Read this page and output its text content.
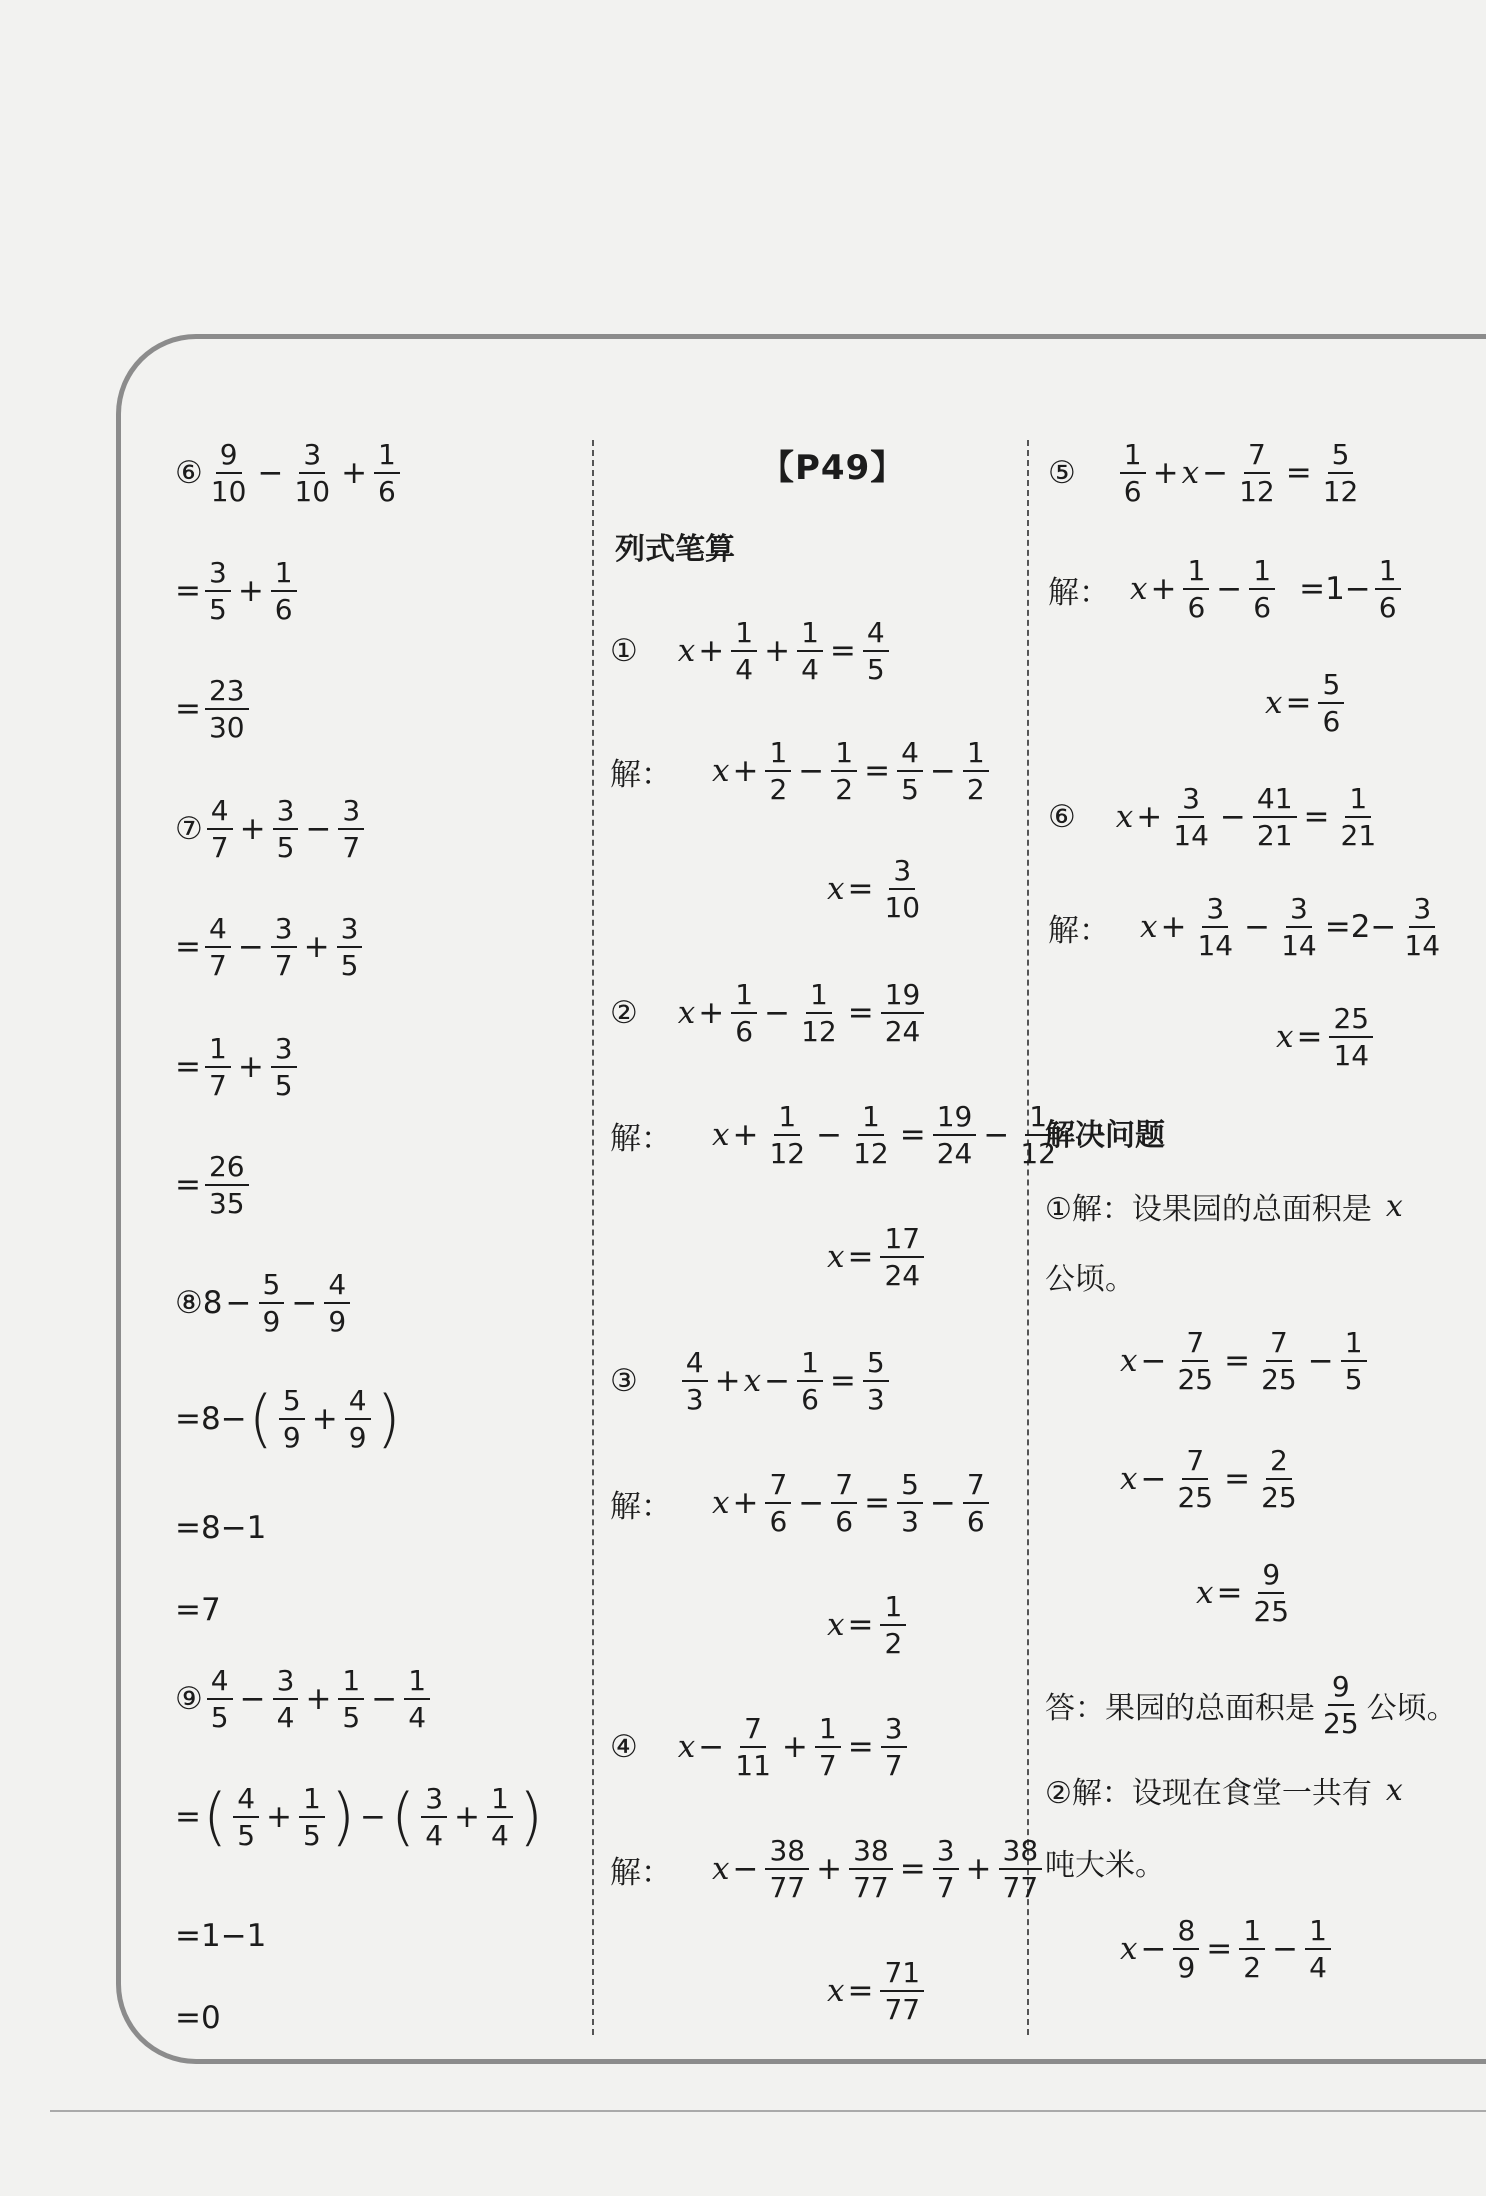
⑥ $\frac{9}{10} - \frac{3}{10} + \frac{1}{6}$
= $\frac{3}{5} + \frac{1}{6}$
= $\frac{23}{30}$
⑦ $\frac{4}{7} + \frac{3}{5} - \frac{3}{7}$
= $\frac{4}{7} - \frac{3}{7} + \frac{3}{5}$
= $\frac{1}{7} + \frac{3}{5}$
= $\frac{26}{35}$
⑧8 − $\frac{5}{9} - \frac{4}{9}$
=8− ( $\frac{5}{9} + \frac{4}{9}$ )
=8−1
=7
⑨ $\frac{4}{5} - \frac{3}{4} + \frac{1}{5} - \frac{1}{4}$
= ( $\frac{4}{5} + \frac{1}{5}$ ) − ( $\frac{3}{4} + \frac{1}{4}$ )
=1−1
=0
【P49】
列式笔算
① $x + \frac{1}{4} + \frac{1}{4} = \frac{4}{5}$
解： $x + \frac{1}{2} - \frac{1}{2} = \frac{4}{5} - \frac{1}{2}$
$x = \frac{3}{10}$
② $x + \frac{1}{6} - \frac{1}{12} = \frac{19}{24}$
解： $x + \frac{1}{12} - \frac{1}{12} = \frac{19}{24} - \frac{1}{12}$
$x = \frac{17}{24}$
③ $\frac{4}{3} + x - \frac{1}{6} = \frac{5}{3}$
解： $x + \frac{7}{6} - \frac{7}{6} = \frac{5}{3} - \frac{7}{6}$
$x = \frac{1}{2}$
④ $x - \frac{7}{11} + \frac{1}{7} = \frac{3}{7}$
解： $x - \frac{38}{77} + \frac{38}{77} = \frac{3}{7} + \frac{38}{77}$
$x = \frac{71}{77}$
⑤ $\frac{1}{6} + x - \frac{7}{12} = \frac{5}{12}$
解： $x + \frac{1}{6} - \frac{1}{6} =1- \frac{1}{6}$
$x = \frac{5}{6}$
⑥ $x + \frac{3}{14} - \frac{41}{21} = \frac{1}{21}$
解： $x + \frac{3}{14} - \frac{3}{14} =2- \frac{3}{14}$
$x = \frac{25}{14}$
解决问题
①解：设果园的总面积是 x
公顷。
$x - \frac{7}{25} = \frac{7}{25} - \frac{1}{5}$
$x - \frac{7}{25} = \frac{2}{25}$
$x = \frac{9}{25}$
答：果园的总面积是 $\frac{9}{25}$ 公顷。
②解：设现在食堂一共有 x
吨大米。
$x - \frac{8}{9} = \frac{1}{2} - \frac{1}{4}$
